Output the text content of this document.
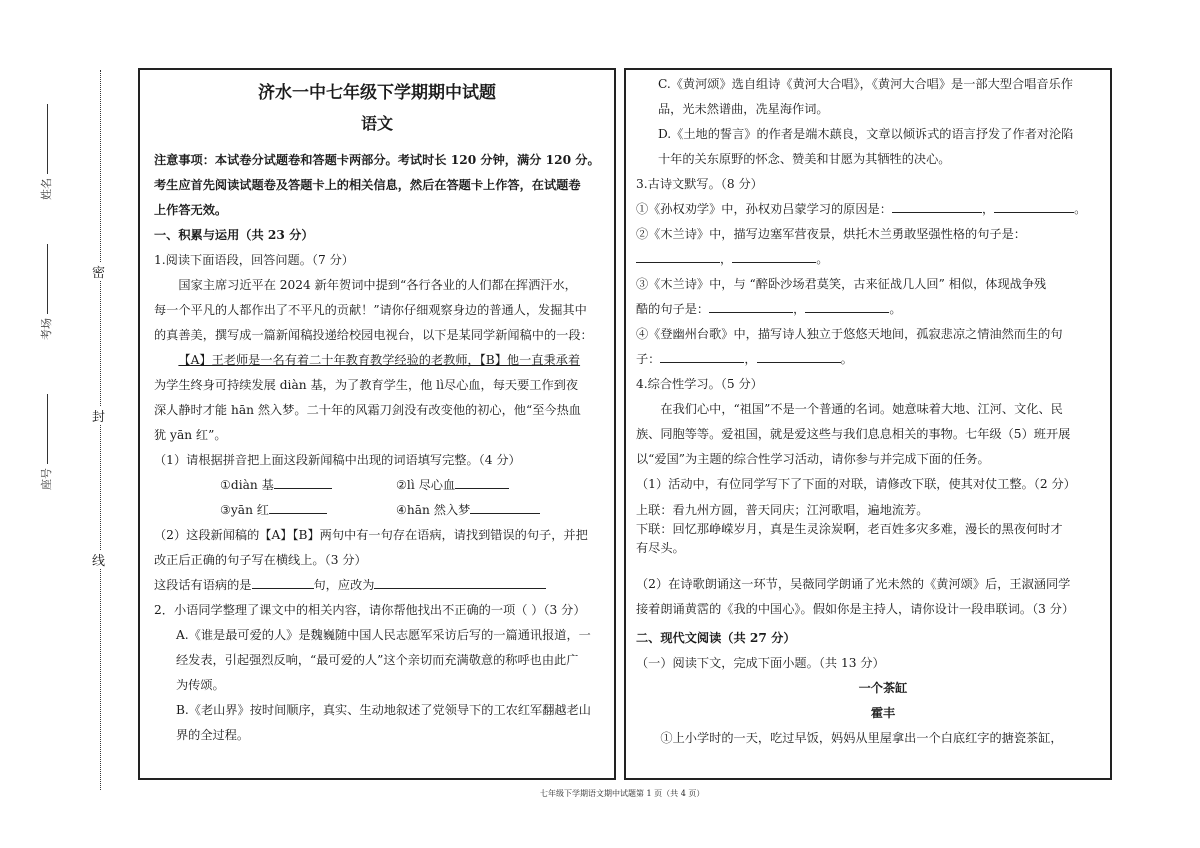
密
封
线
姓名
考场
座号
济水一中七年级下学期期中试题
语文

注意事项：本试卷分试题卷和答题卡两部分。考试时长 120 分钟，满分 120 分。

考生应首先阅读试题卷及答题卡上的相关信息，然后在答题卡上作答，在试题卷

上作答无效。

一、积累与运用（共 23 分）

1.阅读下面语段，回答问题。（7 分）

国家主席习近平在 2024 新年贺词中提到“各行各业的人们都在挥洒汗水，

每一个平凡的人都作出了不平凡的贡献！”请你仔细观察身边的普通人，发掘其中

的真善美，撰写成一篇新闻稿投递给校园电视台，以下是某同学新闻稿中的一段：

【A】王老师是一名有着二十年教育教学经验的老教师，【B】他一直秉承着

为学生终身可持续发展 diàn 基，为了教育学生，他 lì尽心血，每天要工作到夜

深人静时才能 hān 然入梦。二十年的风霜刀剑没有改变他的初心，他“至今热血

犹 yān 红”。

（1）请根据拼音把上面这段新闻稿中出现的词语填写完整。（4 分）

①diàn 基	②lì 尽心血

③yān 红	④hān 然入梦

（2）这段新闻稿的【A】【B】两句中有一句存在语病，请找到错误的句子，并把

改正后正确的句子写在横线上。（3 分）

这段话有语病的是	句，应改为

2．小语同学整理了课文中的相关内容，请你帮他找出不正确的一项（ ）（3 分）

A.《谁是最可爱的人》是魏巍随中国人民志愿军采访后写的一篇通讯报道，一

经发表，引起强烈反响，“最可爱的人”这个亲切而充满敬意的称呼也由此广

为传颂。

B.《老山界》按时间顺序，真实、生动地叙述了党领导下的工农红军翻越老山

界的全过程。

C.《黄河颂》选自组诗《黄河大合唱》，《黄河大合唱》是一部大型合唱音乐作

品，光未然谱曲，冼星海作词。

D.《土地的誓言》的作者是端木蕻良，文章以倾诉式的语言抒发了作者对沦陷

十年的关东原野的怀念、赞美和甘愿为其牺牲的决心。

3.古诗文默写。（8 分）

①《孙权劝学》中，孙权劝吕蒙学习的原因是：	，	。

②《木兰诗》中，描写边塞军营夜景，烘托木兰勇敢坚强性格的句子是：

，	。

③《木兰诗》中，与 “醉卧沙场君莫笑，古来征战几人回” 相似，体现战争残

酷的句子是：	，	。

④《登幽州台歌》中，描写诗人独立于悠悠天地间，孤寂悲凉之情油然而生的句

子：	，	。

4.综合性学习。（5 分）

在我们心中，“祖国”不是一个普通的名词。她意味着大地、江河、文化、民

族、同胞等等。爱祖国，就是爱这些与我们息息相关的事物。七年级（5）班开展

以“爱国”为主题的综合性学习活动，请你参与并完成下面的任务。

（1）活动中，有位同学写下了下面的对联，请修改下联，使其对仗工整。（2 分）

上联：看九州方圆，普天同庆；江河歌唱，遍地流芳。

下联：回忆那峥嵘岁月，真是生灵涂炭啊，老百姓多灾多难，漫长的黑夜何时才

有尽头。

（2）在诗歌朗诵这一环节，吴薇同学朗诵了光未然的《黄河颂》后，王淑涵同学

接着朗诵黄霑的《我的中国心》。假如你是主持人，请你设计一段串联词。（3 分）

二、现代文阅读（共 27 分）

（一）阅读下文，完成下面小题。（共 13 分）

一个茶缸

霍丰

①上小学时的一天，吃过早饭，妈妈从里屋拿出一个白底红字的搪瓷茶缸，

七年级下学期语文期中试题第 1 页（共 4 页）
